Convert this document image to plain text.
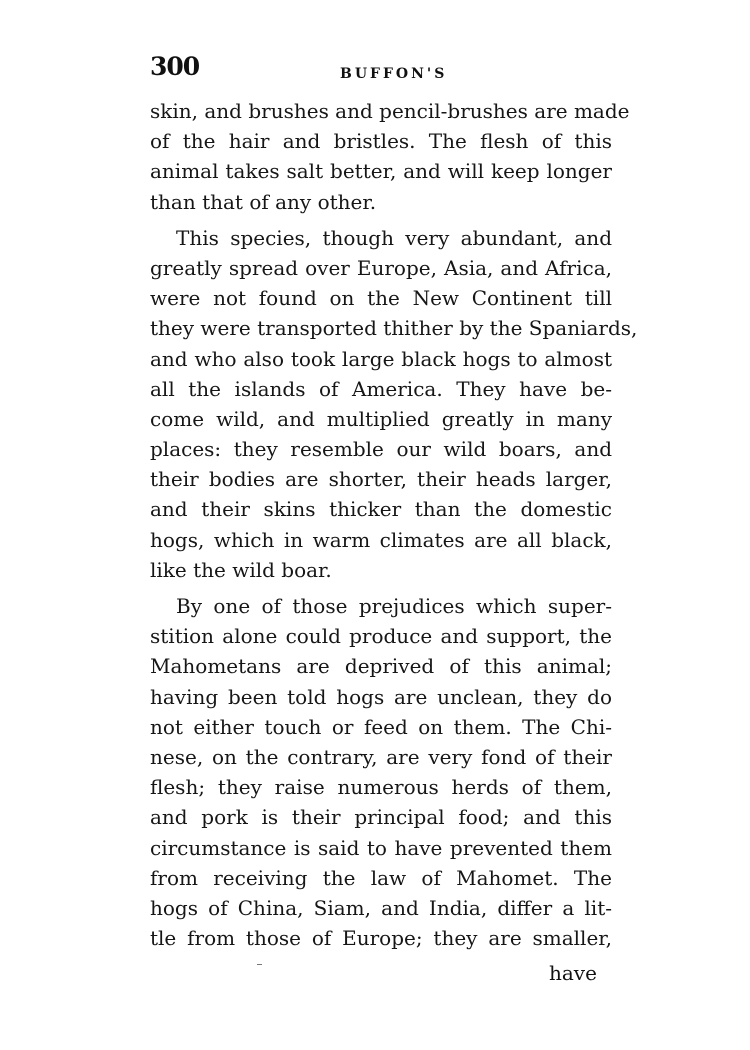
300	BUFFON'S
skin, and brushes and pencil-brushes are made
of the hair and bristles. The flesh of this
animal takes salt better, and will keep longer
than that of any other.
This species, though very abundant, and
greatly spread over Europe, Asia, and Africa,
were not found on the New Continent till
they were transported thither by the Spaniards,
and who also took large black hogs to almost
all the islands of America. They have be-
come wild, and multiplied greatly in many
places: they resemble our wild boars, and
their bodies are shorter, their heads larger,
and their skins thicker than the domestic
hogs, which in warm climates are all black,
like the wild boar.
By one of those prejudices which super-
stition alone could produce and support, the
Mahometans are deprived of this animal;
having been told hogs are unclean, they do
not either touch or feed on them. The Chi-
nese, on the contrary, are very fond of their
flesh; they raise numerous herds of them,
and pork is their principal food; and this
circumstance is said to have prevented them
from receiving the law of Mahomet. The
hogs of China, Siam, and India, differ a lit-
tle from those of Europe; they are smaller,
have
